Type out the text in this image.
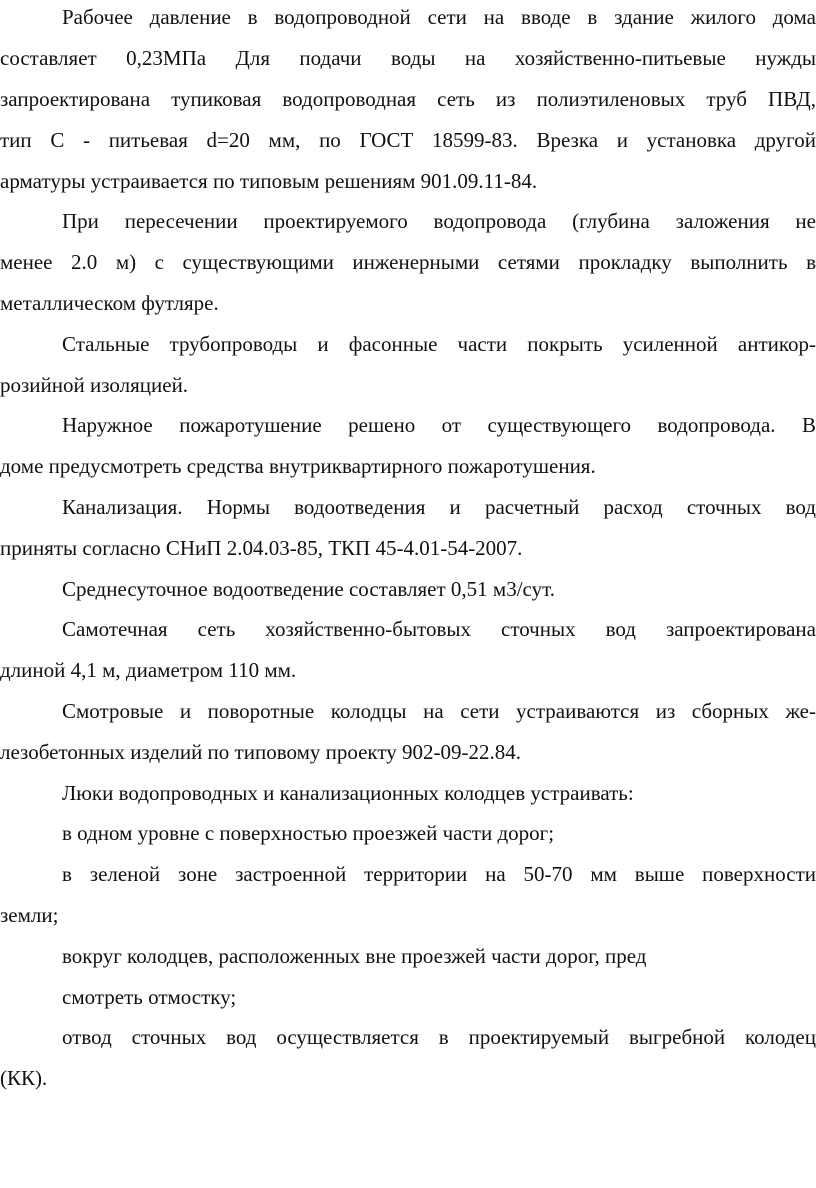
Рабочее давление в водопроводной сети на вводе в здание жилого дома
составляет 0,23МПа Для подачи воды на хозяйственно-питьевые нужды
запроектирована тупиковая водопроводная сеть из полиэтиленовых труб ПВД,
тип С - питьевая d=20 мм, по ГОСТ 18599-83. Врезка и установка другой
арматуры устраивается по типовым решениям 901.09.11-84.
При пересечении проектируемого водопровода (глубина заложения не
менее 2.0 м) с существующими инженерными сетями прокладку выполнить в
металлическом футляре.
Стальные трубопроводы и фасонные части покрыть усиленной антикор-
розийной изоляцией.
Наружное пожаротушение решено от существующего водопровода. В
доме предусмотреть средства внутриквартирного пожаротушения.
Канализация. Нормы водоотведения и расчетный расход сточных вод
приняты согласно СНиП 2.04.03-85, ТКП 45-4.01-54-2007.
Среднесуточное водоотведение составляет 0,51 м3/сут.
Самотечная сеть хозяйственно-бытовых сточных вод запроектирована
длиной 4,1 м, диаметром 110 мм.
Смотровые и поворотные колодцы на сети устраиваются из сборных же-
лезобетонных изделий по типовому проекту 902-09-22.84.
Люки водопроводных и канализационных колодцев устраивать:
в одном уровне с поверхностью проезжей части дорог;
в зеленой зоне застроенной территории на 50-70 мм выше поверхности
земли;
вокруг колодцев, расположенных вне проезжей части дорог, пред
смотреть отмостку;
отвод сточных вод осуществляется в проектируемый выгребной колодец
(КК).
